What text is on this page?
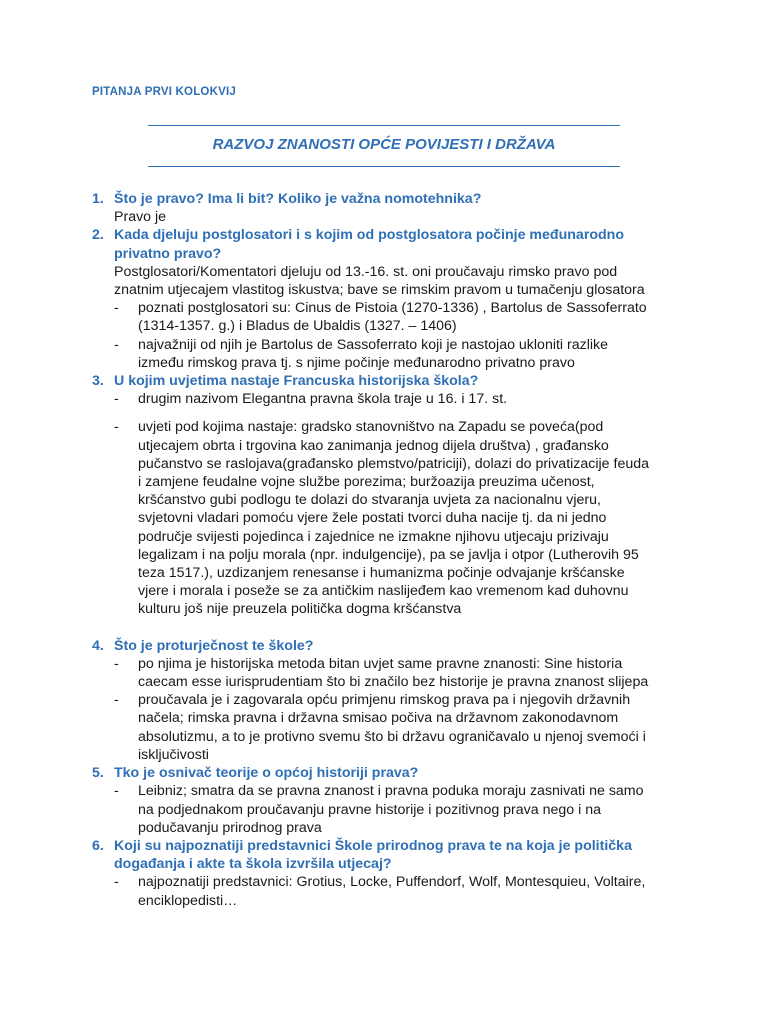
PITANJA PRVI KOLOKVIJ
RAZVOJ ZNANOSTI OPĆE POVIJESTI I DRŽAVA
1. Što je pravo? Ima li bit? Koliko je važna nomotehnika?
Pravo je
2. Kada djeluju postglosatori i s kojim od postglosatora počinje međunarodno privatno pravo?
Postglosatori/Komentatori djeluju od 13.-16. st. oni proučavaju rimsko pravo pod znatnim utjecajem vlastitog iskustva; bave se rimskim pravom u tumačenju glosatora
-	poznati postglosatori su: Cinus de Pistoia (1270-1336) , Bartolus de Sassoferrato (1314-1357. g.) i Bladus de Ubaldis (1327. – 1406)
-	najvažniji od njih je Bartolus de Sassoferrato koji je nastojao ukloniti razlike između rimskog prava tj. s njime počinje međunarodno privatno pravo
3. U kojim uvjetima nastaje Francuska historijska škola?
-	drugim nazivom Elegantna pravna škola traje u 16. i 17. st.
-	uvjeti pod kojima nastaje: gradsko stanovništvo na Zapadu se poveća(pod utjecajem obrta i trgovina kao zanimanja jednog dijela društva) , građansko pučanstvo se raslojava(građansko plemstvo/patriciji), dolazi do privatizacije feuda i zamjene feudalne vojne službe porezima; buržoazija preuzima učenost, kršćanstvo gubi podlogu te dolazi do stvaranja uvjeta za nacionalnu vjeru, svjetovni vladari pomoću vjere žele postati tvorci duha nacije tj. da ni jedno područje svijesti pojedinca i zajednice ne izmakne njihovu utjecaju prizivaju legalizam i na polju morala (npr. indulgencije), pa se javlja i otpor (Lutherovih 95 teza 1517.), uzdizanjem renesanse i humanizma počinje odvajanje kršćanske vjere i morala i poseže se za antičkim naslijeđem kao vremenom kad duhovnu kulturu još nije preuzela politička dogma kršćanstva
4. Što je proturječnost te škole?
-	po njima je historijska metoda bitan uvjet same pravne znanosti: Sine historia caecam esse iurisprudentiam što bi značilo bez historije je pravna znanost slijepa
-	proučavala je i zagovarala opću primjenu rimskog prava pa i njegovih državnih načela; rimska pravna i državna smisao počiva na državnom zakonodavnom absolutizmu, a to je protivno svemu što bi državu ograničavalo u njenoj svemoći i isključivosti
5. Tko je osnivač teorije o općoj historiji prava?
-	Leibniz; smatra da se pravna znanost i pravna poduka moraju zasnivati ne samo na podjednakom proučavanju pravne historije i pozitivnog prava nego i na podučavanju prirodnog prava
6. Koji su najpoznatiji predstavnici Škole prirodnog prava te na koja je politička događanja i akte ta škola izvršila utjecaj?
-	najpoznatiji predstavnici: Grotius, Locke, Puffendorf, Wolf, Montesquieu, Voltaire, enciklopedisti…
